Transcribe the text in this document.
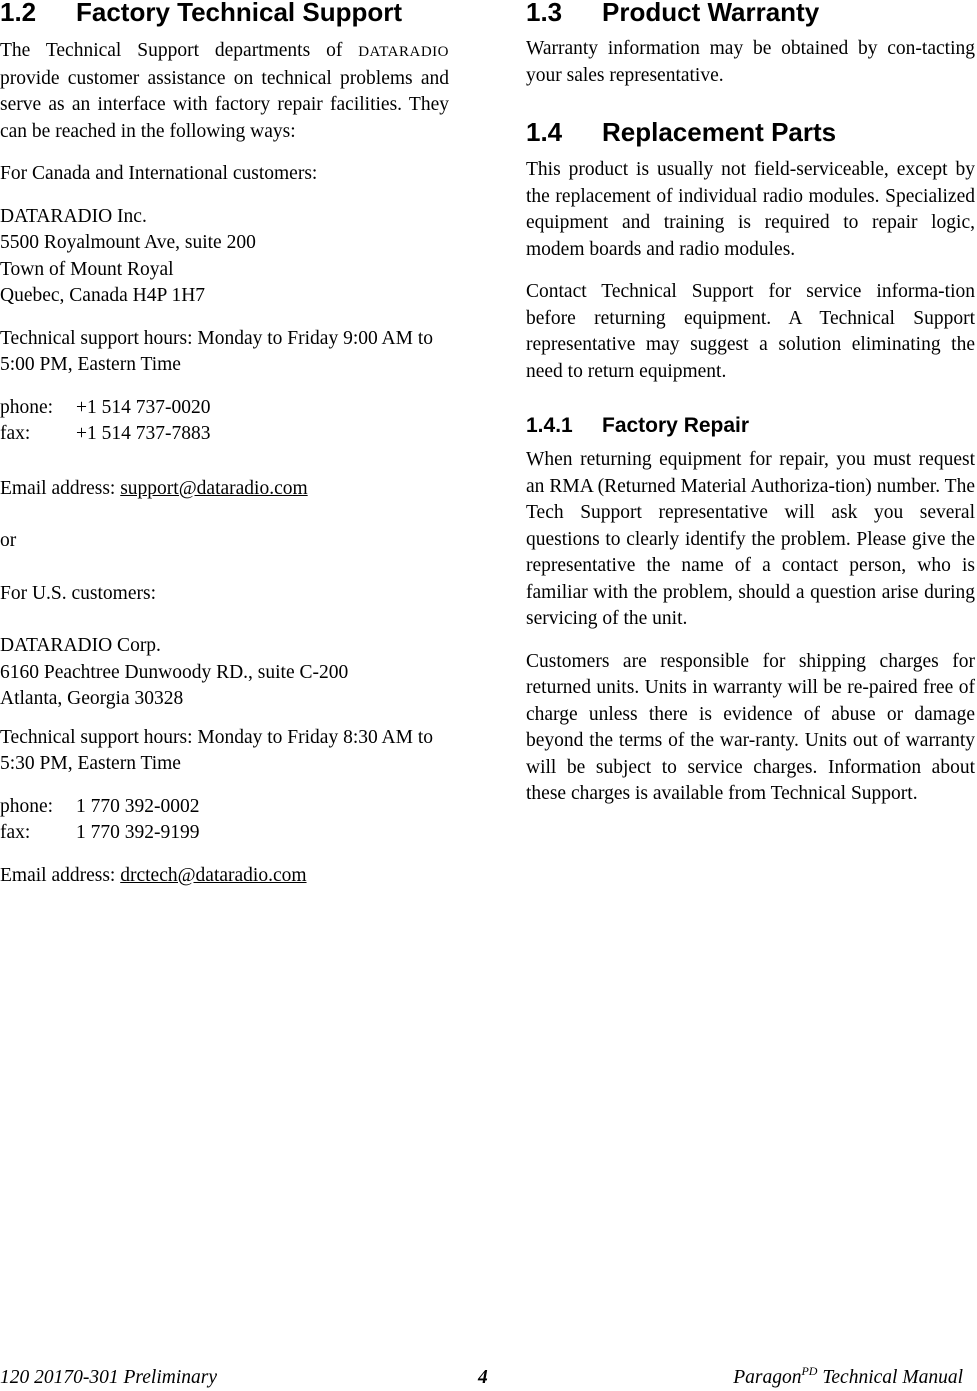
1.2 Factory Technical Support

The Technical Support departments of DATARADIO provide customer assistance on technical problems and serve as an interface with factory repair facilities. They can be reached in the following ways:

For Canada and International customers:

DATARADIO Inc.
5500 Royalmount Ave, suite 200
Town of Mount Royal
Quebec, Canada H4P 1H7

Technical support hours: Monday to Friday 9:00 AM to 5:00 PM, Eastern Time

phone: +1 514 737-0020
fax: +1 514 737-7883

Email address: support@dataradio.com

or

For U.S. customers:

DATARADIO Corp.
6160 Peachtree Dunwoody RD., suite C-200
Atlanta, Georgia 30328

Technical support hours: Monday to Friday 8:30 AM to 5:30 PM, Eastern Time

phone: 1 770 392-0002
fax: 1 770 392-9199

Email address: drctech@dataradio.com

1.3 Product Warranty

Warranty information may be obtained by con-tacting your sales representative.

1.4 Replacement Parts

This product is usually not field-serviceable, except by the replacement of individual radio modules. Specialized equipment and training is required to repair logic, modem boards and radio modules.

Contact Technical Support for service informa-tion before returning equipment. A Technical Support representative may suggest a solution eliminating the need to return equipment.

1.4.1 Factory Repair

When returning equipment for repair, you must request an RMA (Returned Material Authoriza-tion) number. The Tech Support representative will ask you several questions to clearly identify the problem. Please give the representative the name of a contact person, who is familiar with the problem, should a question arise during servicing of the unit.

Customers are responsible for shipping charges for returned units. Units in warranty will be re-paired free of charge unless there is evidence of abuse or damage beyond the terms of the war-ranty. Units out of warranty will be subject to service charges. Information about these charges is available from Technical Support.

120 20170-301 Preliminary	4	Paragon$^{PD}$ Technical Manual
